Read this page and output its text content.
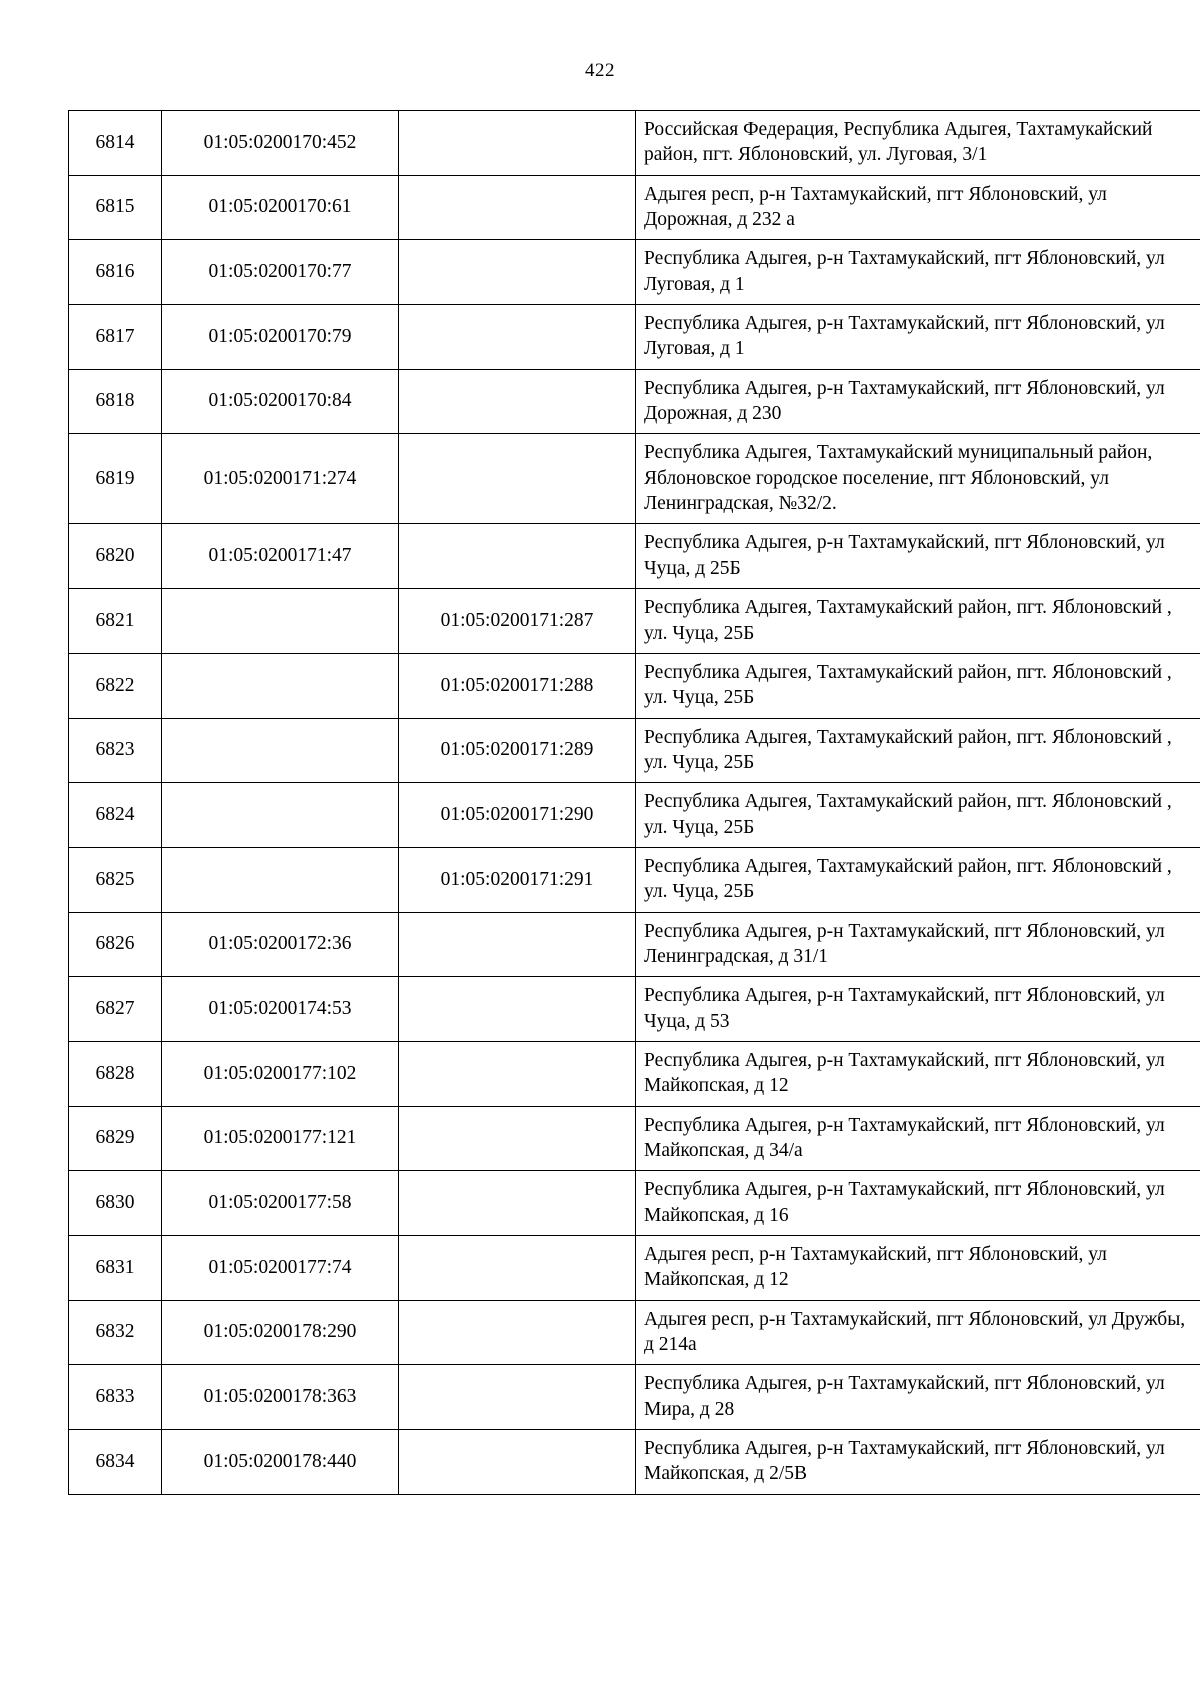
422
6814	01:05:0200170:452		Российская Федерация, Республика Адыгея, Тахтамукайский район, пгт. Яблоновский, ул. Луговая, 3/1
6815	01:05:0200170:61		Адыгея респ, р-н Тахтамукайский, пгт Яблоновский, ул Дорожная, д 232 а
6816	01:05:0200170:77		Республика Адыгея, р-н Тахтамукайский, пгт Яблоновский, ул Луговая, д 1
6817	01:05:0200170:79		Республика Адыгея, р-н Тахтамукайский, пгт Яблоновский, ул Луговая, д 1
6818	01:05:0200170:84		Республика Адыгея, р-н Тахтамукайский, пгт Яблоновский, ул Дорожная, д 230
6819	01:05:0200171:274		Республика Адыгея, Тахтамукайский муниципальный район, Яблоновское городское поселение, пгт Яблоновский, ул Ленинградская, №32/2.
6820	01:05:0200171:47		Республика Адыгея, р-н Тахтамукайский, пгт Яблоновский, ул Чуца, д 25Б
6821		01:05:0200171:287	Республика Адыгея, Тахтамукайский район, пгт. Яблоновский , ул. Чуца, 25Б
6822		01:05:0200171:288	Республика Адыгея, Тахтамукайский район, пгт. Яблоновский , ул. Чуца, 25Б
6823		01:05:0200171:289	Республика Адыгея, Тахтамукайский район, пгт. Яблоновский , ул. Чуца, 25Б
6824		01:05:0200171:290	Республика Адыгея, Тахтамукайский район, пгт. Яблоновский , ул. Чуца, 25Б
6825		01:05:0200171:291	Республика Адыгея, Тахтамукайский район, пгт. Яблоновский , ул. Чуца, 25Б
6826	01:05:0200172:36		Республика Адыгея, р-н Тахтамукайский, пгт Яблоновский, ул Ленинградская, д 31/1
6827	01:05:0200174:53		Республика Адыгея, р-н Тахтамукайский, пгт Яблоновский, ул Чуца, д 53
6828	01:05:0200177:102		Республика Адыгея, р-н Тахтамукайский, пгт Яблоновский, ул Майкопская, д 12
6829	01:05:0200177:121		Республика Адыгея, р-н Тахтамукайский, пгт Яблоновский, ул Майкопская, д 34/а
6830	01:05:0200177:58		Республика Адыгея, р-н Тахтамукайский, пгт Яблоновский, ул Майкопская, д 16
6831	01:05:0200177:74		Адыгея респ, р-н Тахтамукайский, пгт Яблоновский, ул Майкопская, д 12
6832	01:05:0200178:290		Адыгея респ, р-н Тахтамукайский, пгт Яблоновский, ул Дружбы, д 214а
6833	01:05:0200178:363		Республика Адыгея, р-н Тахтамукайский, пгт Яблоновский, ул Мира, д 28
6834	01:05:0200178:440		Республика Адыгея, р-н Тахтамукайский, пгт Яблоновский, ул Майкопская, д 2/5В
